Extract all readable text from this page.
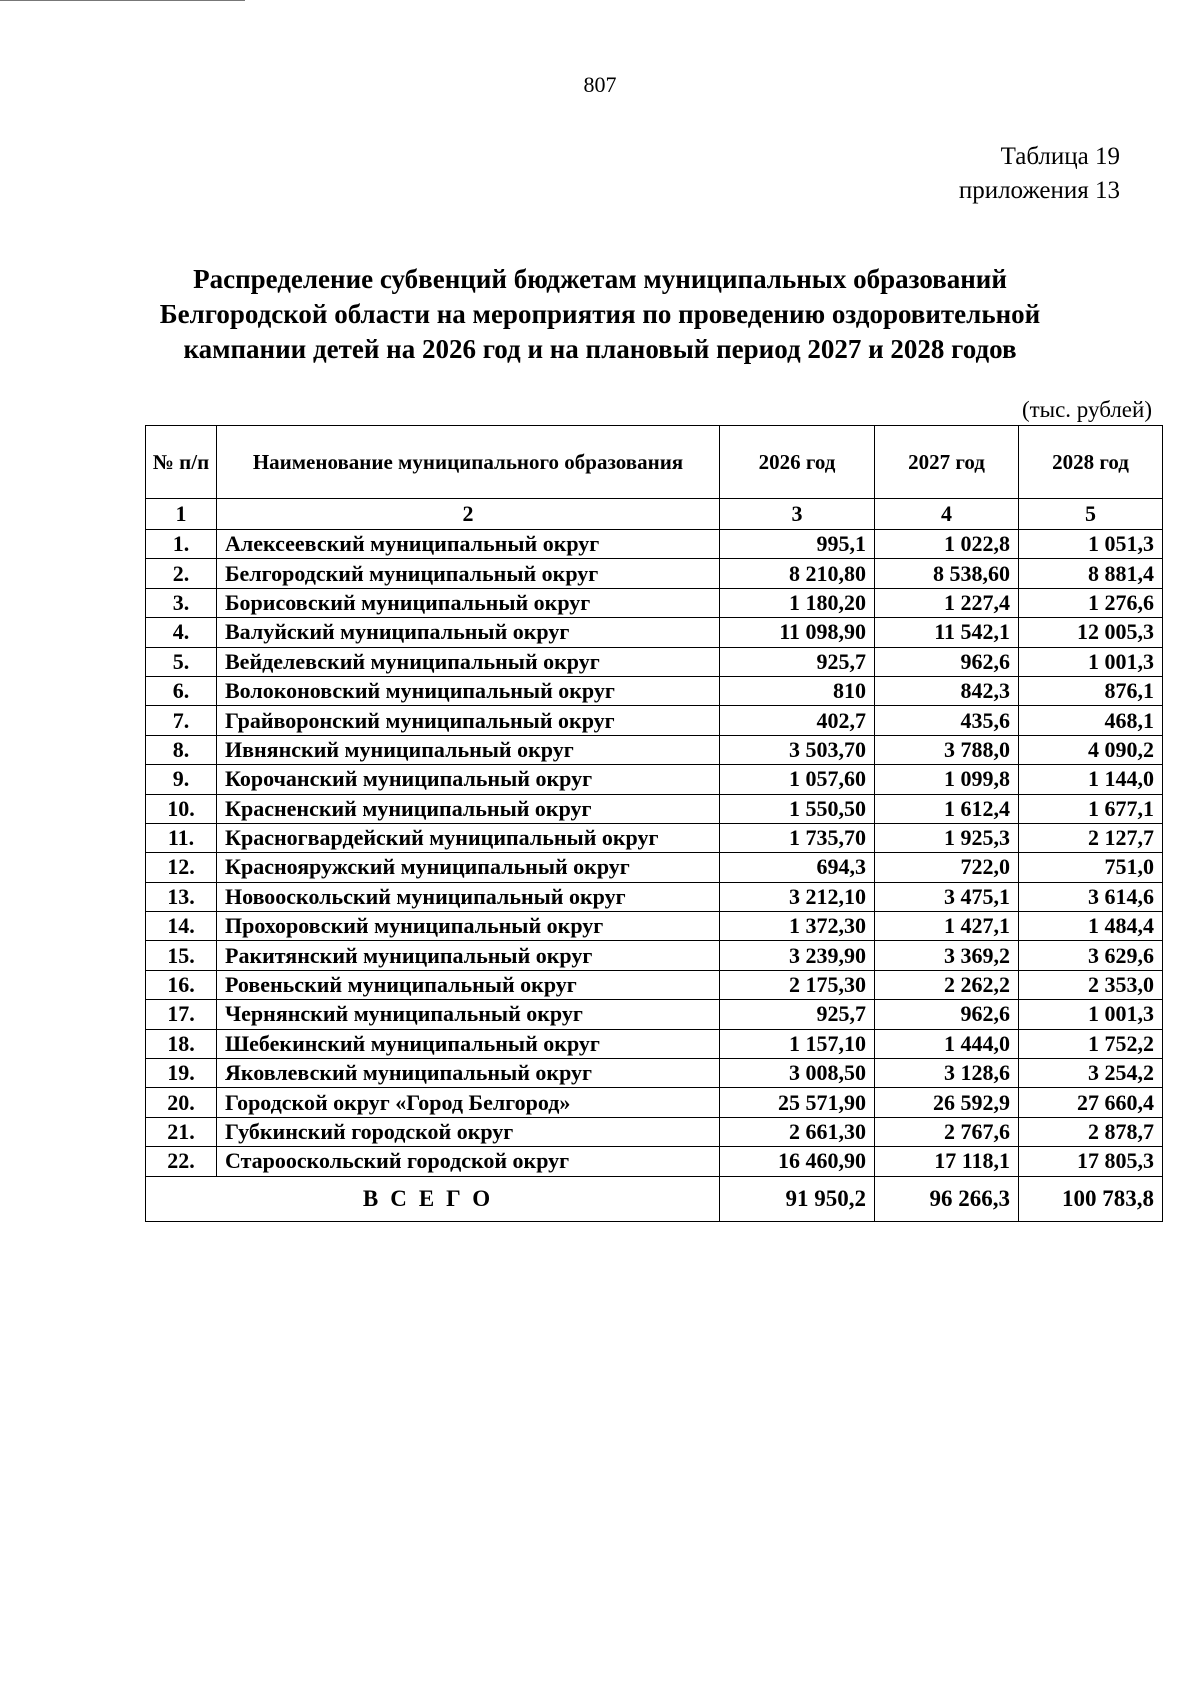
807
Таблица 19
приложения 13
Распределение субвенций бюджетам муниципальных образований
Белгородской области на мероприятия по проведению оздоровительной
кампании детей на 2026 год и на плановый период 2027 и 2028 годов
(тыс. рублей)
№ п/п	Наименование муниципального образования	2026 год	2027 год	2028 год
1	2	3	4	5
1.	Алексеевский муниципальный округ	995,1	1 022,8	1 051,3
2.	Белгородский муниципальный округ	8 210,80	8 538,60	8 881,4
3.	Борисовский муниципальный округ	1 180,20	1 227,4	1 276,6
4.	Валуйский муниципальный округ	11 098,90	11 542,1	12 005,3
5.	Вейделевский муниципальный округ	925,7	962,6	1 001,3
6.	Волоконовский муниципальный округ	810	842,3	876,1
7.	Грайворонский муниципальный округ	402,7	435,6	468,1
8.	Ивнянский муниципальный округ	3 503,70	3 788,0	4 090,2
9.	Корочанский муниципальный округ	1 057,60	1 099,8	1 144,0
10.	Красненский муниципальный округ	1 550,50	1 612,4	1 677,1
11.	Красногвардейский муниципальный округ	1 735,70	1 925,3	2 127,7
12.	Краснояружский муниципальный округ	694,3	722,0	751,0
13.	Новооскольский муниципальный округ	3 212,10	3 475,1	3 614,6
14.	Прохоровский муниципальный округ	1 372,30	1 427,1	1 484,4
15.	Ракитянский муниципальный округ	3 239,90	3 369,2	3 629,6
16.	Ровеньский муниципальный округ	2 175,30	2 262,2	2 353,0
17.	Чернянский муниципальный округ	925,7	962,6	1 001,3
18.	Шебекинский муниципальный округ	1 157,10	1 444,0	1 752,2
19.	Яковлевский муниципальный округ	3 008,50	3 128,6	3 254,2
20.	Городской округ «Город Белгород»	25 571,90	26 592,9	27 660,4
21.	Губкинский городской округ	2 661,30	2 767,6	2 878,7
22.	Старооскольский городской округ	16 460,90	17 118,1	17 805,3
ВСЕГО		91 950,2	96 266,3	100 783,8
